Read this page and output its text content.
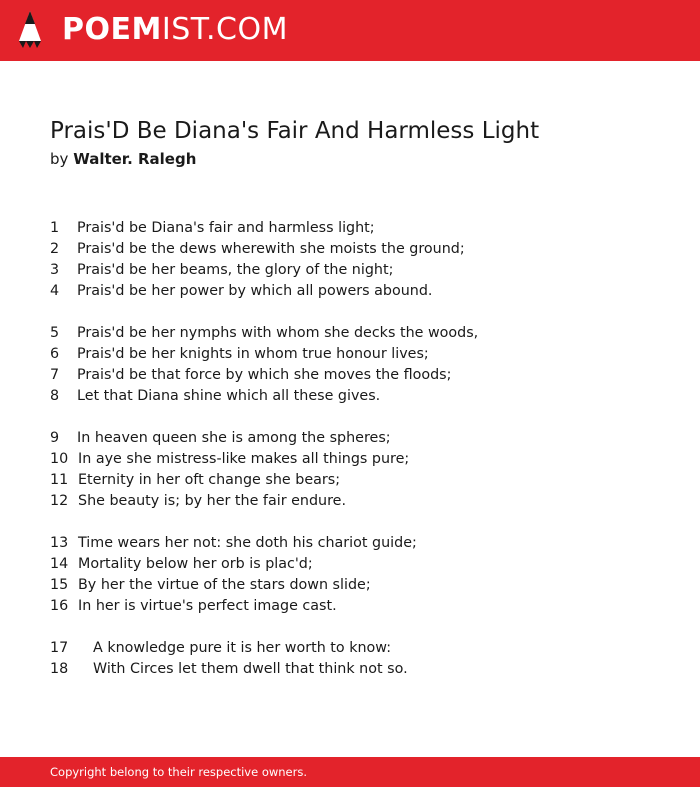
POEMIST.COM
Prais'D Be Diana's Fair And Harmless Light
by Walter. Ralegh
1 Prais'd be Diana's fair and harmless light;
2 Prais'd be the dews wherewith she moists the ground;
3 Prais'd be her beams, the glory of the night;
4 Prais'd be her power by which all powers abound.
5 Prais'd be her nymphs with whom she decks the woods,
6 Prais'd be her knights in whom true honour lives;
7 Prais'd be that force by which she moves the floods;
8 Let that Diana shine which all these gives.
9 In heaven queen she is among the spheres;
10 In aye she mistress-like makes all things pure;
11 Eternity in her oft change she bears;
12 She beauty is; by her the fair endure.
13 Time wears her not: she doth his chariot guide;
14 Mortality below her orb is plac'd;
15 By her the virtue of the stars down slide;
16 In her is virtue's perfect image cast.
17 A knowledge pure it is her worth to know:
18 With Circes let them dwell that think not so.
Copyright belong to their respective owners.
